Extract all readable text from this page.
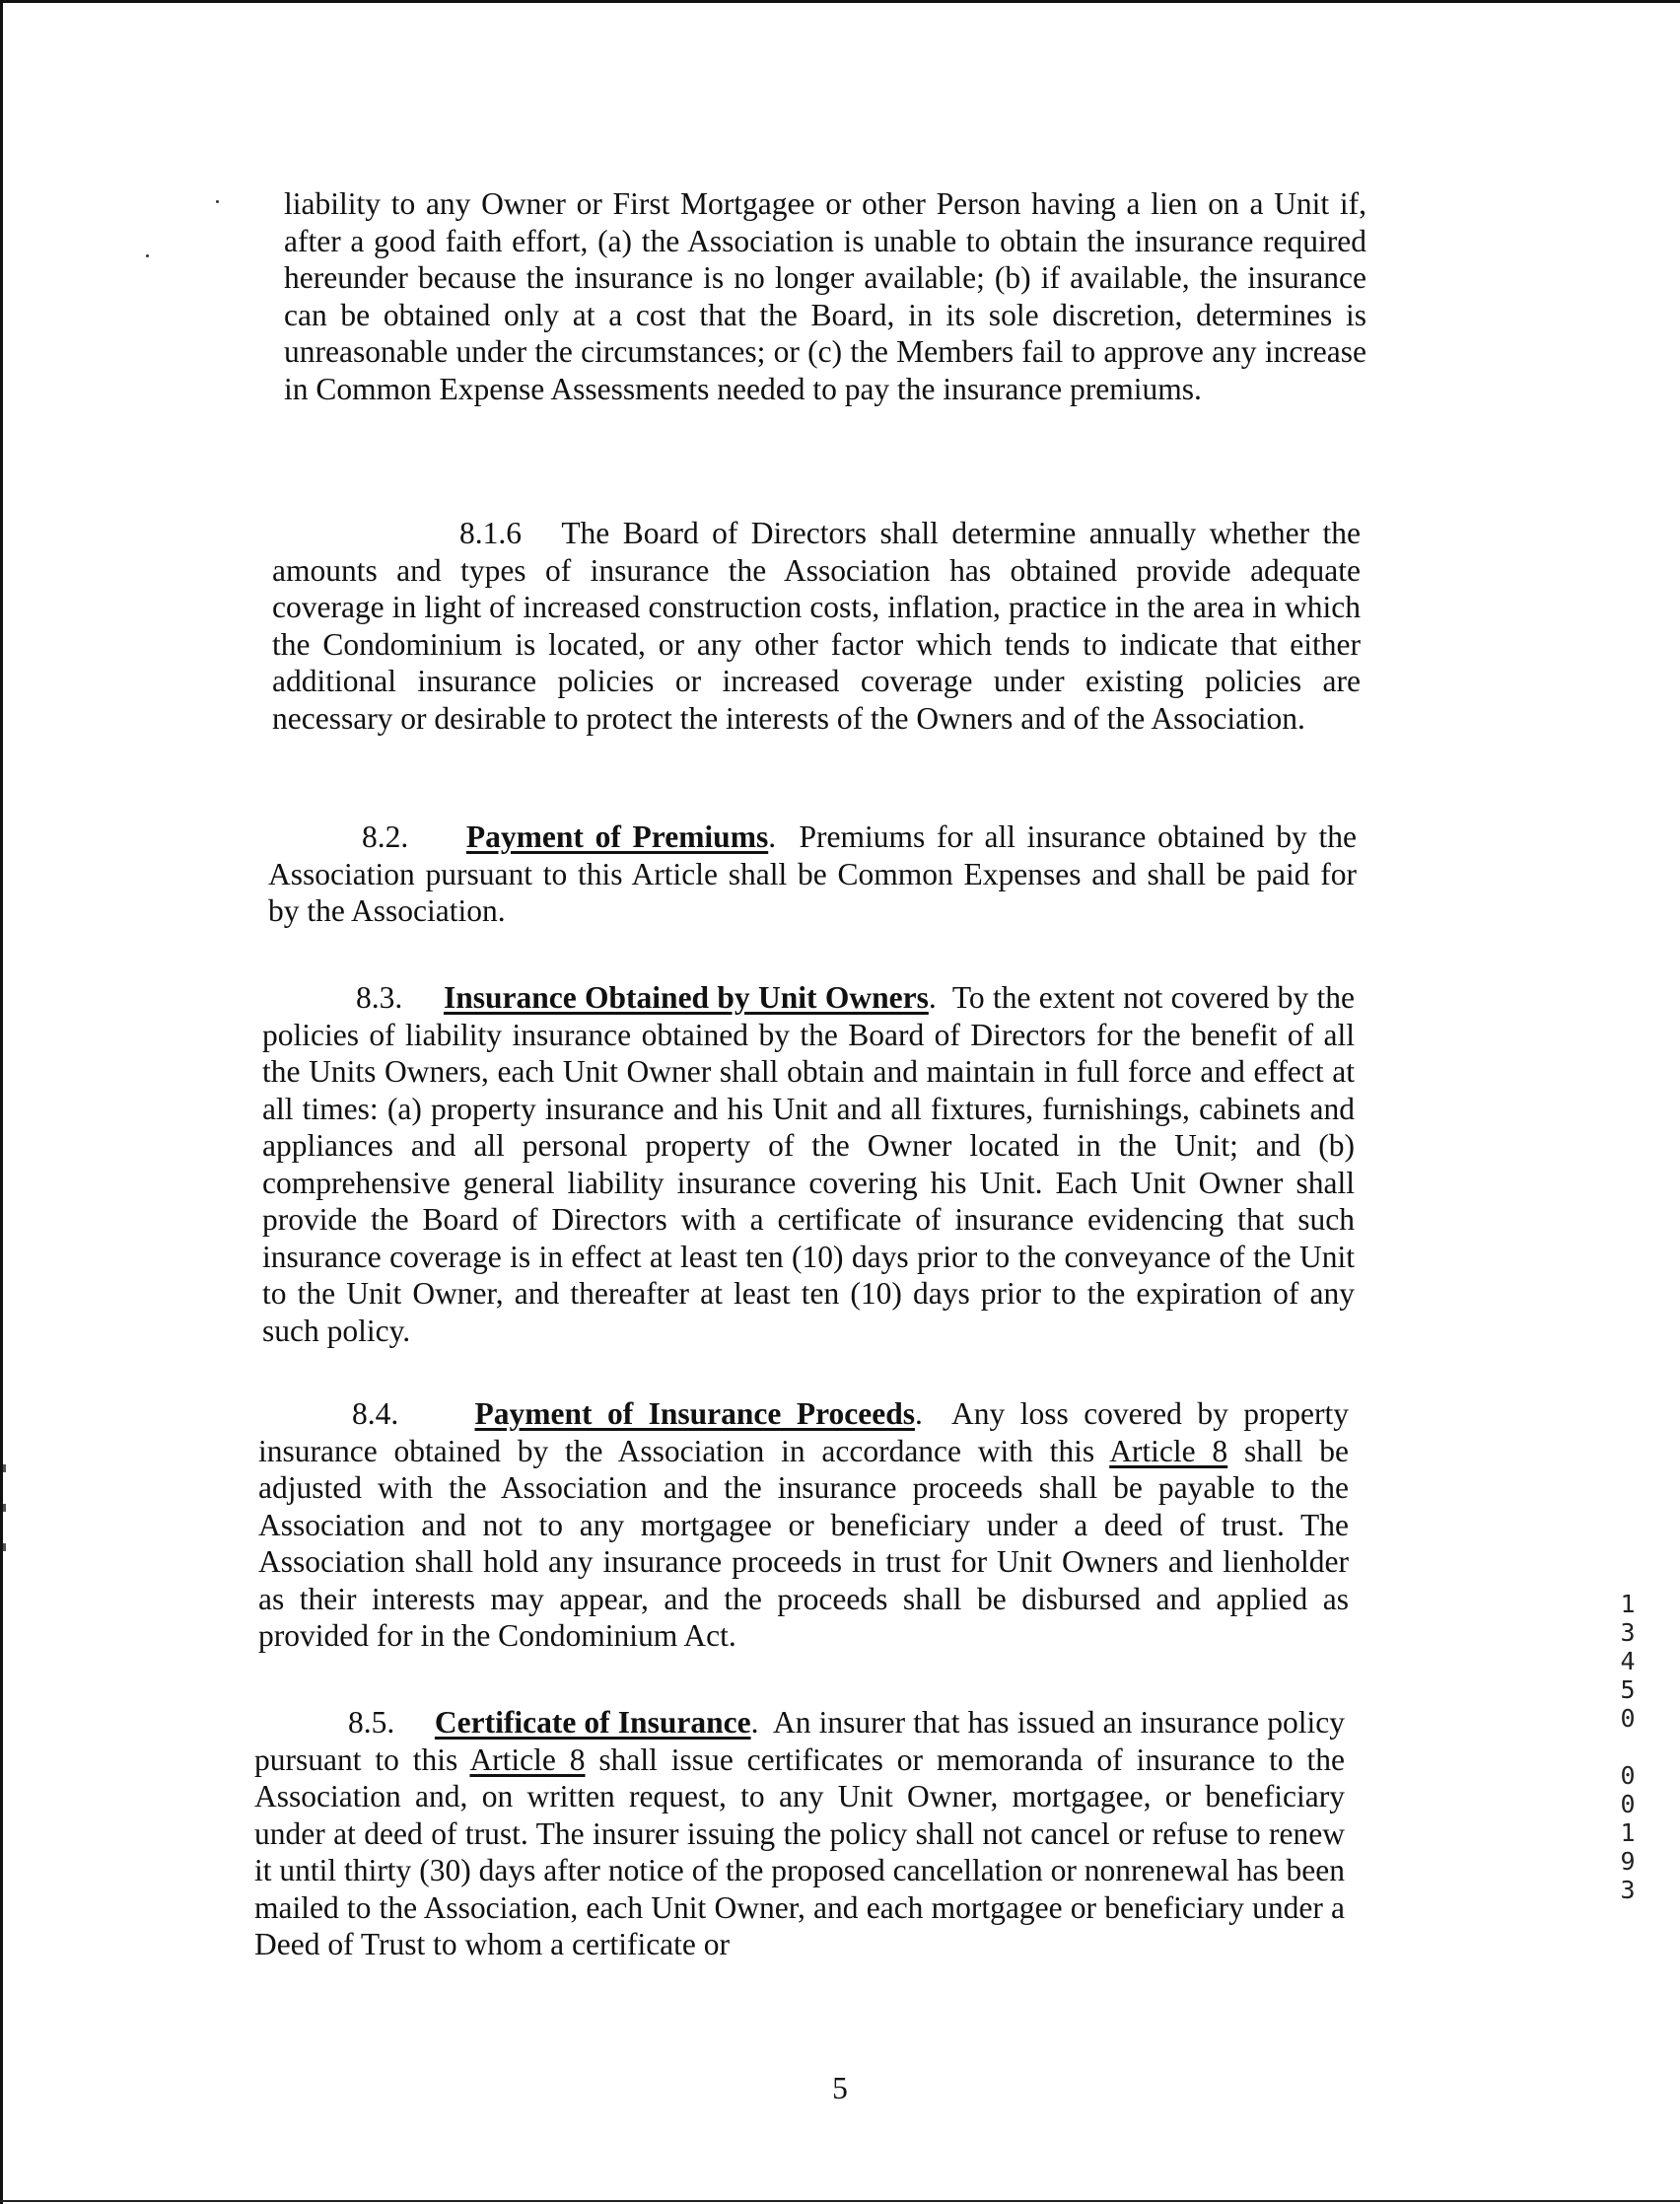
liability to any Owner or First Mortgagee or other Person having a lien on a Unit if, after a good faith effort, (a) the Association is unable to obtain the insurance required hereunder because the insurance is no longer available; (b) if available, the insurance can be obtained only at a cost that the Board, in its sole discretion, determines is unreasonable under the circumstances; or (c) the Members fail to approve any increase in Common Expense Assessments needed to pay the insurance premiums.

8.1.6 The Board of Directors shall determine annually whether the amounts and types of insurance the Association has obtained provide adequate coverage in light of increased construction costs, inflation, practice in the area in which the Condominium is located, or any other factor which tends to indicate that either additional insurance policies or increased coverage under existing policies are necessary or desirable to protect the interests of the Owners and of the Association.

8.2. Payment of Premiums.  Premiums for all insurance obtained by the Association pursuant to this Article shall be Common Expenses and shall be paid for by the Association.

8.3. Insurance Obtained by Unit Owners.  To the extent not covered by the policies of liability insurance obtained by the Board of Directors for the benefit of all the Units Owners, each Unit Owner shall obtain and maintain in full force and effect at all times: (a) property insurance and his Unit and all fixtures, furnishings, cabinets and appliances and all personal property of the Owner located in the Unit; and (b) comprehensive general liability insurance covering his Unit. Each Unit Owner shall provide the Board of Directors with a certificate of insurance evidencing that such insurance coverage is in effect at least ten (10) days prior to the conveyance of the Unit to the Unit Owner, and thereafter at least ten (10) days prior to the expiration of any such policy.

8.4. Payment of Insurance Proceeds.  Any loss covered by property insurance obtained by the Association in accordance with this Article 8 shall be adjusted with the Association and the insurance proceeds shall be payable to the Association and not to any mortgagee or beneficiary under a deed of trust. The Association shall hold any insurance proceeds in trust for Unit Owners and lienholder as their interests may appear, and the proceeds shall be disbursed and applied as provided for in the Condominium Act.

8.5. Certificate of Insurance.  An insurer that has issued an insurance policy pursuant to this Article 8 shall issue certificates or memoranda of insurance to the Association and, on written request, to any Unit Owner, mortgagee, or beneficiary under at deed of trust. The insurer issuing the policy shall not cancel or refuse to renew it until thirty (30) days after notice of the proposed cancellation or nonrenewal has been mailed to the Association, each Unit Owner, and each mortgagee or beneficiary under a Deed of Trust to whom a certificate or

5
1
3
4
5
0
0
0
1
9
3
